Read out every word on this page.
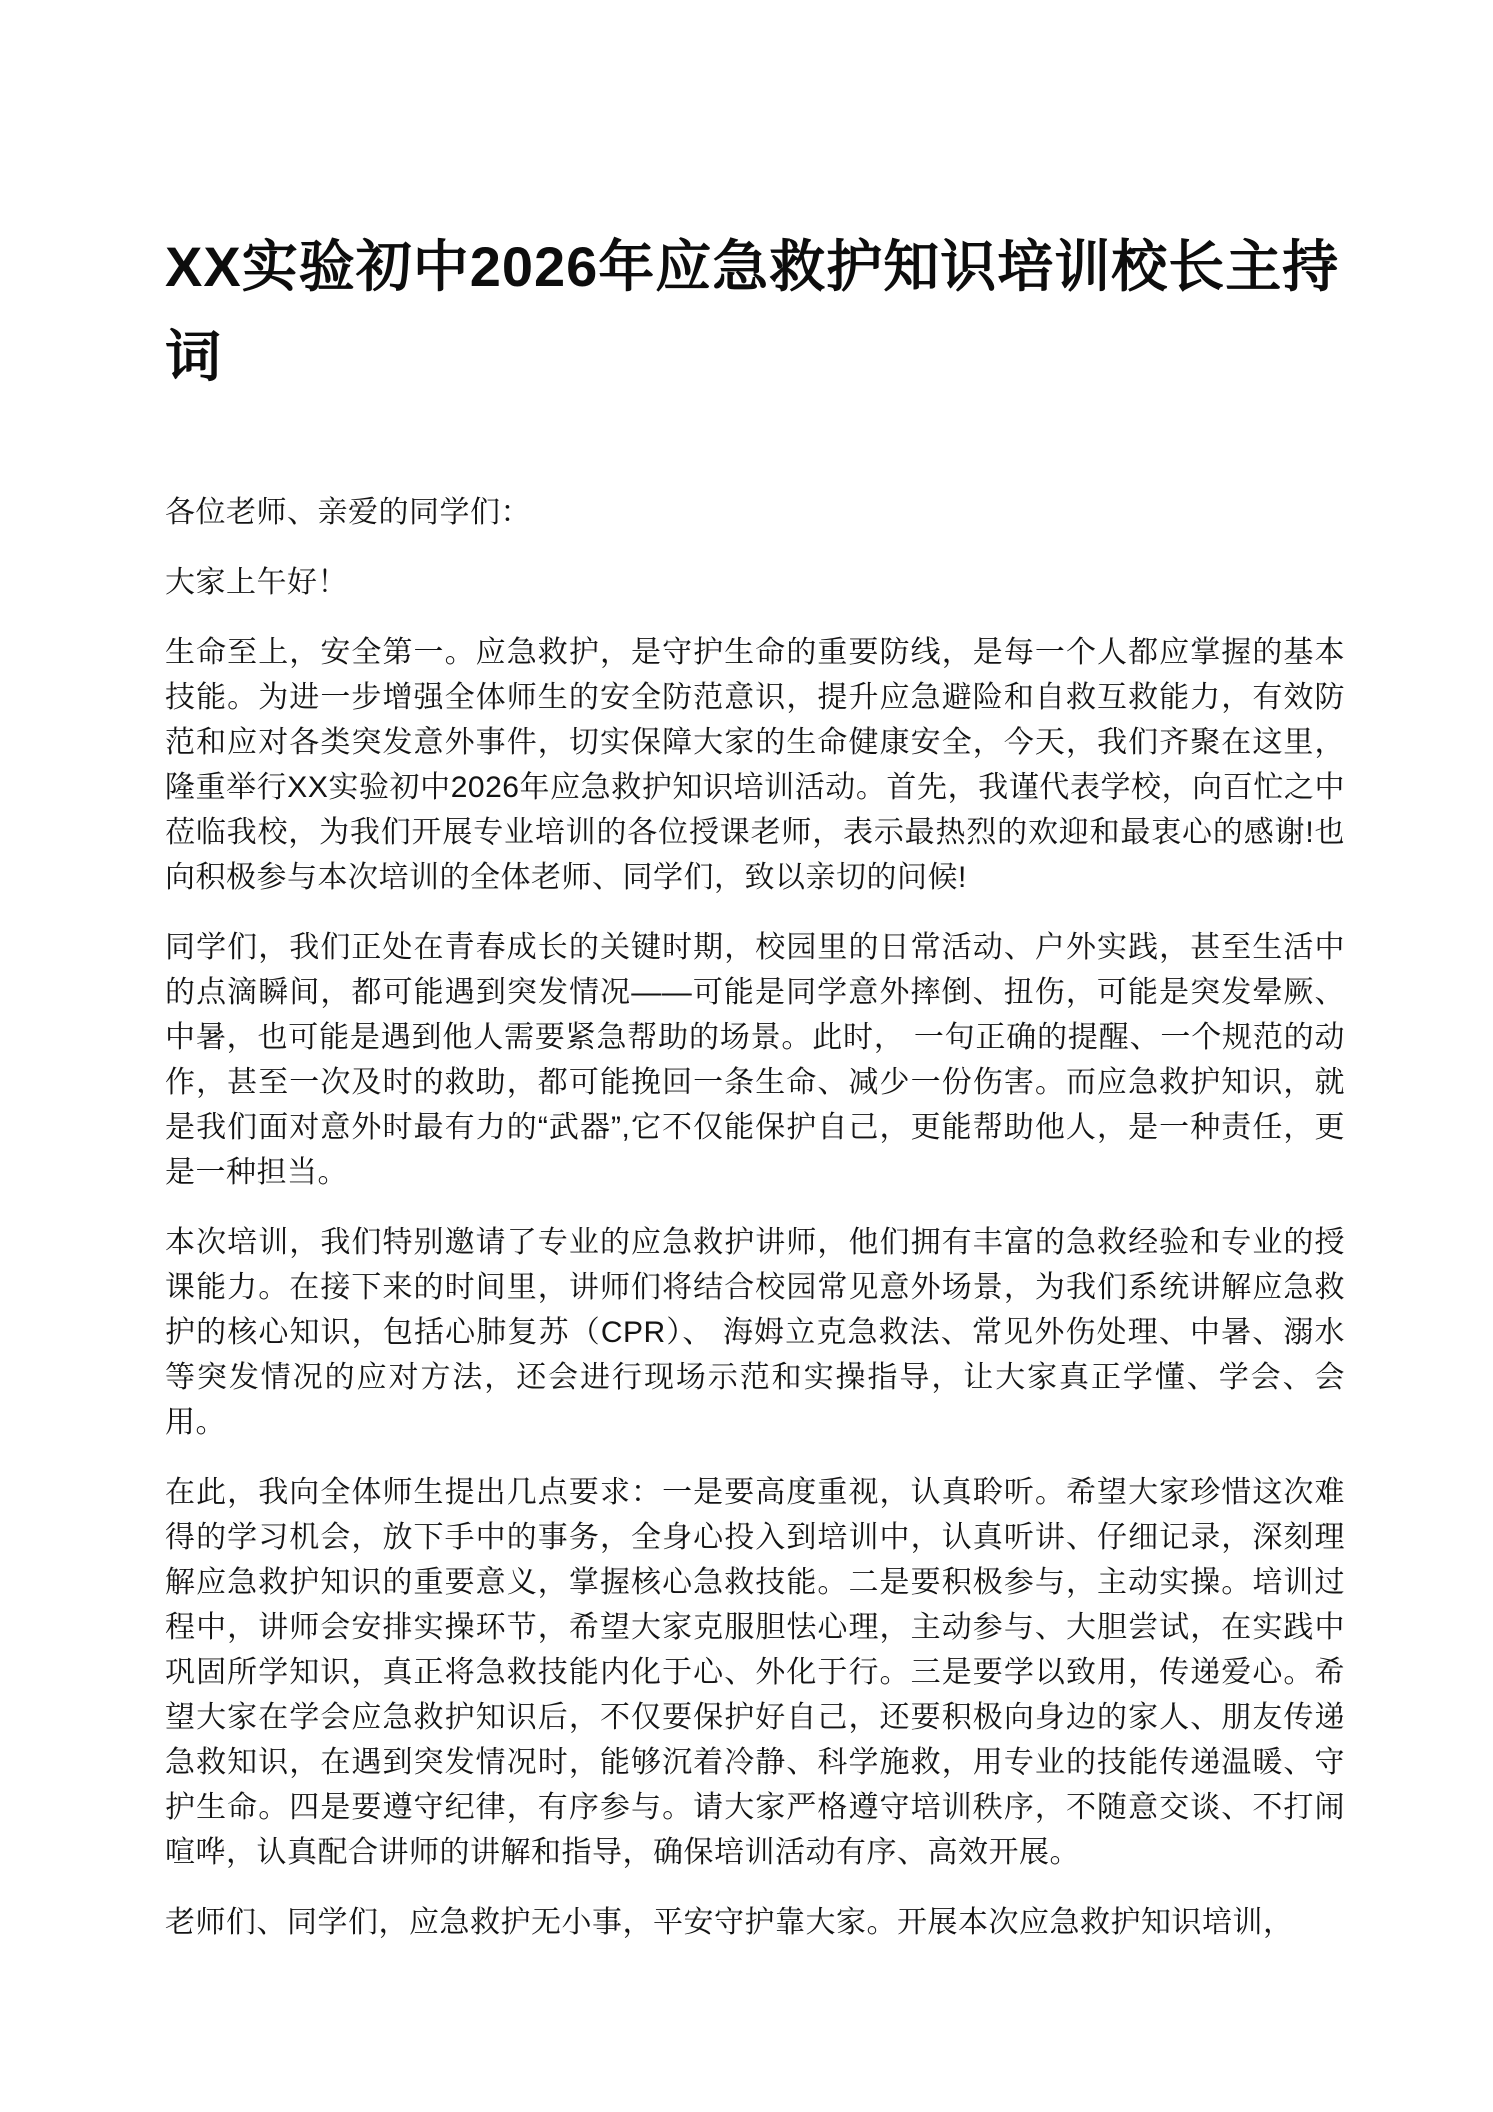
XX实验初中2026年应急救护知识培训校长主持词

各位老师、亲爱的同学们：

大家上午好！

生命至上，安全第一。应急救护，是守护生命的重要防线，是每一个人都应掌握的基本技能。为进一步增强全体师生的安全防范意识，提升应急避险和自救互救能力，有效防范和应对各类突发意外事件，切实保障大家的生命健康安全，今天，我们齐聚在这里，隆重举行XX实验初中2026年应急救护知识培训活动。首先，我谨代表学校，向百忙之中莅临我校，为我们开展专业培训的各位授课老师，表示最热烈的欢迎和最衷心的感谢!也向积极参与本次培训的全体老师、同学们，致以亲切的问候!

同学们，我们正处在青春成长的关键时期，校园里的日常活动、户外实践，甚至生活中的点滴瞬间，都可能遇到突发情况——可能是同学意外摔倒、扭伤，可能是突发晕厥、中暑，也可能是遇到他人需要紧急帮助的场景。此时， 一句正确的提醒、一个规范的动作，甚至一次及时的救助，都可能挽回一条生命、减少一份伤害。而应急救护知识，就是我们面对意外时最有力的“武器”,它不仅能保护自己，更能帮助他人，是一种责任，更是一种担当。

本次培训，我们特别邀请了专业的应急救护讲师，他们拥有丰富的急救经验和专业的授课能力。在接下来的时间里，讲师们将结合校园常见意外场景，为我们系统讲解应急救护的核心知识，包括心肺复苏（CPR）、 海姆立克急救法、常见外伤处理、中暑、溺水等突发情况的应对方法，还会进行现场示范和实操指导，让大家真正学懂、学会、会用。

在此，我向全体师生提出几点要求：一是要高度重视，认真聆听。希望大家珍惜这次难得的学习机会，放下手中的事务，全身心投入到培训中，认真听讲、仔细记录，深刻理解应急救护知识的重要意义，掌握核心急救技能。二是要积极参与，主动实操。培训过程中，讲师会安排实操环节，希望大家克服胆怯心理，主动参与、大胆尝试，在实践中巩固所学知识，真正将急救技能内化于心、外化于行。三是要学以致用，传递爱心。希望大家在学会应急救护知识后，不仅要保护好自己，还要积极向身边的家人、朋友传递急救知识，在遇到突发情况时，能够沉着冷静、科学施救，用专业的技能传递温暖、守护生命。四是要遵守纪律，有序参与。请大家严格遵守培训秩序，不随意交谈、不打闹喧哗，认真配合讲师的讲解和指导，确保培训活动有序、高效开展。

老师们、同学们，应急救护无小事，平安守护靠大家。开展本次应急救护知识培训，
